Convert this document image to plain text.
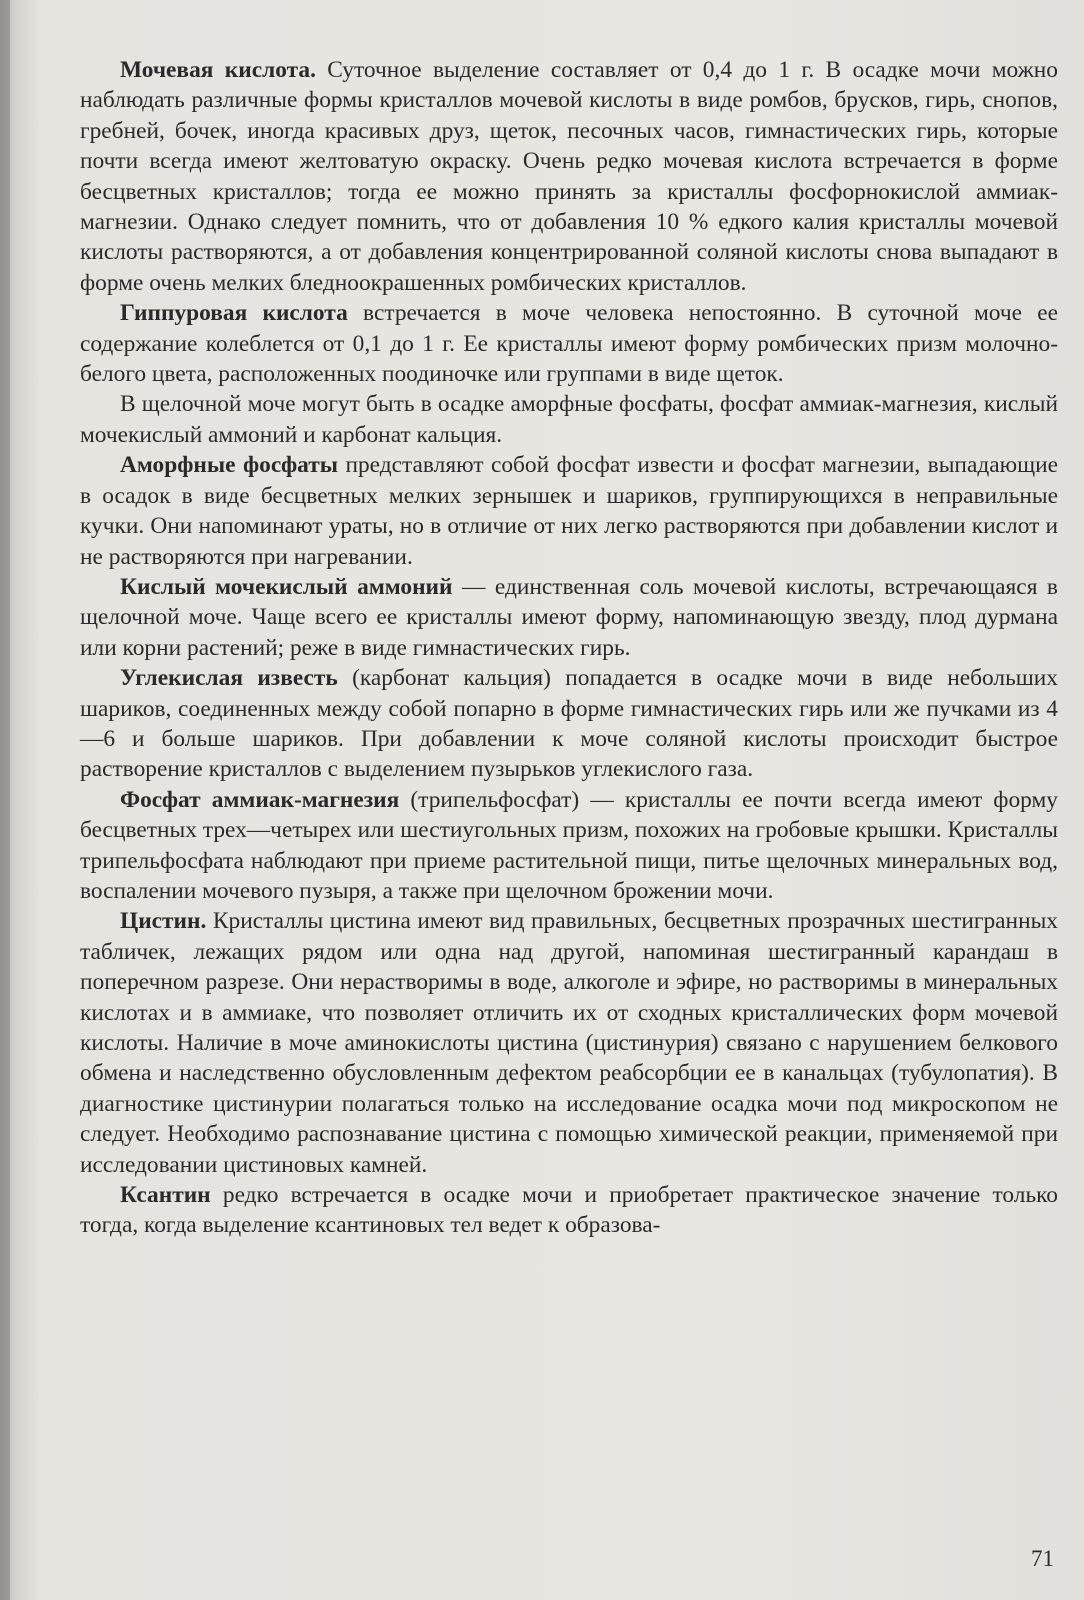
Мочевая кислота. Суточное выделение составляет от 0,4 до 1 г. В осадке мочи можно наблюдать различные формы кристаллов мочевой кислоты в виде ромбов, брусков, гирь, снопов, гребней, бочек, иногда красивых друз, щеток, песочных часов, гимнастических гирь, которые почти всегда имеют желтоватую окраску. Очень редко мочевая кислота встречается в форме бесцветных кристаллов; тогда ее можно принять за кристаллы фосфорнокислой аммиак-магнезии. Однако следует помнить, что от добавления 10 % едкого калия кристаллы мочевой кислоты растворяются, а от добавления концентрированной соляной кислоты снова выпадают в форме очень мелких бледноокрашенных ромбических кристаллов.

Гиппуровая кислота встречается в моче человека непостоянно. В суточной моче ее содержание колеблется от 0,1 до 1 г. Ее кристаллы имеют форму ромбических призм молочно-белого цвета, расположенных поодиночке или группами в виде щеток.

В щелочной моче могут быть в осадке аморфные фосфаты, фосфат аммиак-магнезия, кислый мочекислый аммоний и карбонат кальция.

Аморфные фосфаты представляют собой фосфат извести и фосфат магнезии, выпадающие в осадок в виде бесцветных мелких зернышек и шариков, группирующихся в неправильные кучки. Они напоминают ураты, но в отличие от них легко растворяются при добавлении кислот и не растворяются при нагревании.

Кислый мочекислый аммоний — единственная соль мочевой кислоты, встречающаяся в щелочной моче. Чаще всего ее кристаллы имеют форму, напоминающую звезду, плод дурмана или корни растений; реже в виде гимнастических гирь.

Углекислая известь (карбонат кальция) попадается в осадке мочи в виде небольших шариков, соединенных между собой попарно в форме гимнастических гирь или же пучками из 4—6 и больше шариков. При добавлении к моче соляной кислоты происходит быстрое растворение кристаллов с выделением пузырьков углекислого газа.

Фосфат аммиак-магнезия (трипельфосфат) — кристаллы ее почти всегда имеют форму бесцветных трех—четырех или шестиугольных призм, похожих на гробовые крышки. Кристаллы трипельфосфата наблюдают при приеме растительной пищи, питье щелочных минеральных вод, воспалении мочевого пузыря, а также при щелочном брожении мочи.

Цистин. Кристаллы цистина имеют вид правильных, бесцветных прозрачных шестигранных табличек, лежащих рядом или одна над другой, напоминая шестигранный карандаш в поперечном разрезе. Они нерастворимы в воде, алкоголе и эфире, но растворимы в минеральных кислотах и в аммиаке, что позволяет отличить их от сходных кристаллических форм мочевой кислоты. Наличие в моче аминокислоты цистина (цистинурия) связано с нарушением белкового обмена и наследственно обусловленным дефектом реабсорбции ее в канальцах (тубулопатия). В диагностике цистинурии полагаться только на исследование осадка мочи под микроскопом не следует. Необходимо распознавание цистина с помощью химической реакции, применяемой при исследовании цистиновых камней.

Ксантин редко встречается в осадке мочи и приобретает практическое значение только тогда, когда выделение ксантиновых тел ведет к образова-

71
